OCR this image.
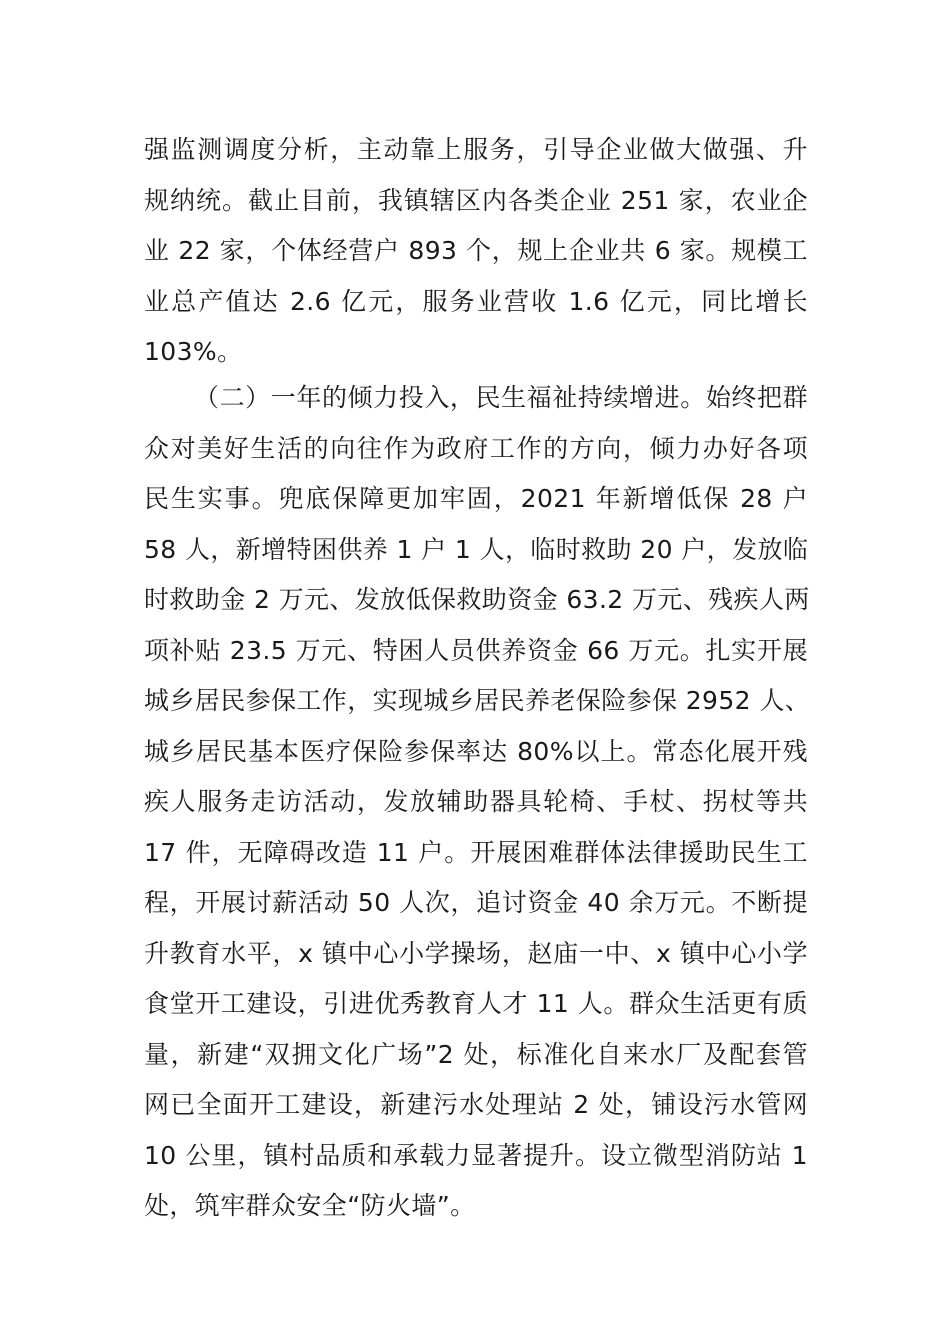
强监测调度分析，主动靠上服务，引导企业做大做强、升
规纳统。截止目前，我镇辖区内各类企业 251 家，农业企
业 22 家，个体经营户 893 个，规上企业共 6 家。规模工
业总产值达 2.6 亿元，服务业营收 1.6 亿元，同比增长
103%。
（二）一年的倾力投入，民生福祉持续增进。始终把群
众对美好生活的向往作为政府工作的方向，倾力办好各项
民生实事。兜底保障更加牢固，2021 年新增低保 28 户
58 人，新增特困供养 1 户 1 人，临时救助 20 户，发放临
时救助金 2 万元、发放低保救助资金 63.2 万元、残疾人两
项补贴 23.5 万元、特困人员供养资金 66 万元。扎实开展
城乡居民参保工作，实现城乡居民养老保险参保 2952 人、
城乡居民基本医疗保险参保率达 80%以上。常态化展开残
疾人服务走访活动，发放辅助器具轮椅、手杖、拐杖等共
17 件，无障碍改造 11 户。开展困难群体法律援助民生工
程，开展讨薪活动 50 人次，追讨资金 40 余万元。不断提
升教育水平，x 镇中心小学操场，赵庙一中、x 镇中心小学
食堂开工建设，引进优秀教育人才 11 人。群众生活更有质
量，新建“双拥文化广场”2 处，标准化自来水厂及配套管
网已全面开工建设，新建污水处理站 2 处，铺设污水管网
10 公里，镇村品质和承载力显著提升。设立微型消防站 1
处，筑牢群众安全“防火墙”。
